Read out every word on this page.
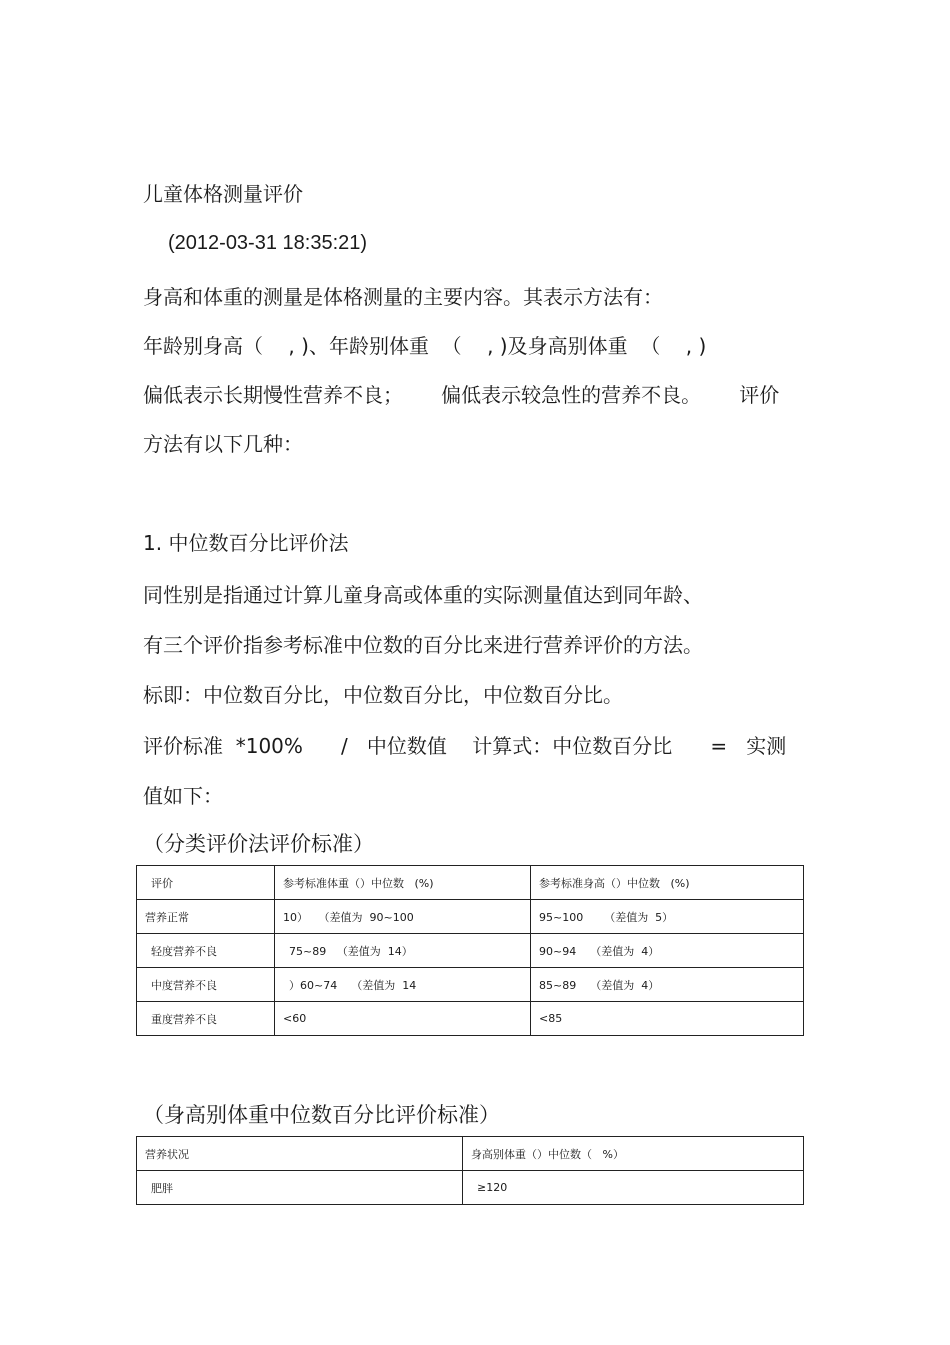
儿童体格测量评价
(2012-03-31 18:35:21)
身高和体重的测量是体格测量的主要内容。其表示方法有：
年龄别身高（    , )、年龄别体重  （    , )及身高别体重  （    , )
偏低表示长期慢性营养不良；      偏低表示较急性的营养不良。      评价
方法有以下几种：
1. 中位数百分比评价法
同性别是指通过计算儿童身高或体重的实际测量值达到同年龄、
有三个评价指参考标准中位数的百分比来进行营养评价的方法。
标即：中位数百分比，中位数百分比，中位数百分比。
评价标准  *100%      /   中位数值    计算式：中位数百分比      =   实测
值如下：
（分类评价法评价标准）
评价	参考标准体重（）中位数   (%)	参考标准身高（）中位数   (%)
营养正常	10）   （差值为  90~100	95~100      （差值为  5）
轻度营养不良	75~89   （差值为  14）	90~94    （差值为  4）
中度营养不良	）60~74    （差值为  14	85~89    （差值为  4）
重度营养不良	<60	<85
（身高别体重中位数百分比评价标准）
营养状况	身高别体重（）中位数（   %）
肥胖	≥120
